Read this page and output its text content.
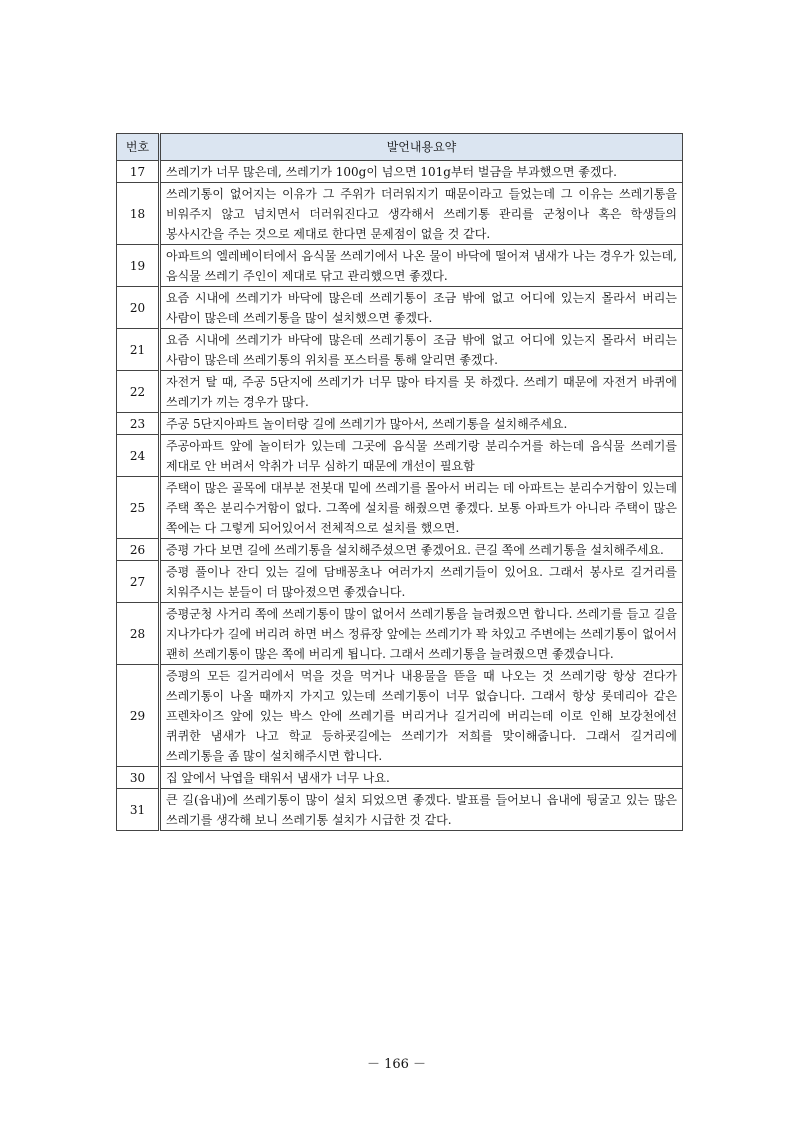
번호	발언내용요약
17	쓰레기가 너무 많은데, 쓰레기가 100g이 넘으면 101g부터 벌금을 부과했으면 좋겠다.
18	쓰레기통이 없어지는 이유가 그 주위가 더러워지기 때문이라고 들었는데 그 이유는 쓰레기통을 비워주지 않고 넘치면서 더러워진다고 생각해서 쓰레기통 관리를 군청이나 혹은 학생들의 봉사시간을 주는 것으로 제대로 한다면 문제점이 없을 것 같다.
19	아파트의 엘레베이터에서 음식물 쓰레기에서 나온 물이 바닥에 떨어져 냄새가 나는 경우가 있는데, 음식물 쓰레기 주인이 제대로 닦고 관리했으면 좋겠다.
20	요즘 시내에 쓰레기가 바닥에 많은데 쓰레기통이 조금 밖에 없고 어디에 있는지 몰라서 버리는 사람이 많은데 쓰레기통을 많이 설치했으면 좋겠다.
21	요즘 시내에 쓰레기가 바닥에 많은데 쓰레기통이 조금 밖에 없고 어디에 있는지 몰라서 버리는 사람이 많은데 쓰레기통의 위치를 포스터를 통해 알리면 좋겠다.
22	자전거 탈 때, 주공 5단지에 쓰레기가 너무 많아 타지를 못 하겠다. 쓰레기 때문에 자전거 바퀴에 쓰레기가 끼는 경우가 많다.
23	주공 5단지아파트 놀이터랑 길에 쓰레기가 많아서, 쓰레기통을 설치해주세요.
24	주공아파트 앞에 놀이터가 있는데 그곳에 음식물 쓰레기랑 분리수거를 하는데 음식물 쓰레기를 제대로 안 버려서 악취가 너무 심하기 때문에 개선이 필요함
25	주택이 많은 골목에 대부분 전봇대 밑에 쓰레기를 몰아서 버리는 데 아파트는 분리수거함이 있는데 주택 쪽은 분리수거함이 없다. 그쪽에 설치를 해줬으면 좋겠다. 보통 아파트가 아니라 주택이 많은 쪽에는 다 그렇게 되어있어서 전체적으로 설치를 했으면.
26	증평 가다 보면 길에 쓰레기통을 설치해주셨으면 좋겠어요. 큰길 쪽에 쓰레기통을 설치해주세요.
27	증평 풀이나 잔디 있는 길에 담배꽁초나 여러가지 쓰레기들이 있어요. 그래서 봉사로 길거리를 치워주시는 분들이 더 많아졌으면 좋겠습니다.
28	증평군청 사거리 쪽에 쓰레기통이 많이 없어서 쓰레기통을 늘려줬으면 합니다. 쓰레기를 들고 길을 지나가다가 길에 버리려 하면 버스 정류장 앞에는 쓰레기가 꽉 차있고 주변에는 쓰레기통이 없어서 괜히 쓰레기통이 많은 쪽에 버리게 됩니다. 그래서 쓰레기통을 늘려줬으면 좋겠습니다.
29	증평의 모든 길거리에서 먹을 것을 먹거나 내용물을 뜯을 때 나오는 것 쓰레기랑 항상 걷다가 쓰레기통이 나올 때까지 가지고 있는데 쓰레기통이 너무 없습니다. 그래서 항상 롯데리아 같은 프렌차이즈 앞에 있는 박스 안에 쓰레기를 버리거나 길거리에 버리는데 이로 인해 보강천에선 퀴퀴한 냄새가 나고 학교 등하굣길에는 쓰레기가 저희를 맞이해줍니다. 그래서 길거리에 쓰레기통을 좀 많이 설치해주시면 합니다.
30	집 앞에서 낙엽을 태워서 냄새가 너무 나요.
31	큰 길(읍내)에 쓰레기통이 많이 설치 되었으면 좋겠다. 발표를 들어보니 읍내에 뒹굴고 있는 많은 쓰레기를 생각해 보니 쓰레기통 설치가 시급한 것 같다.
－ 166 －
